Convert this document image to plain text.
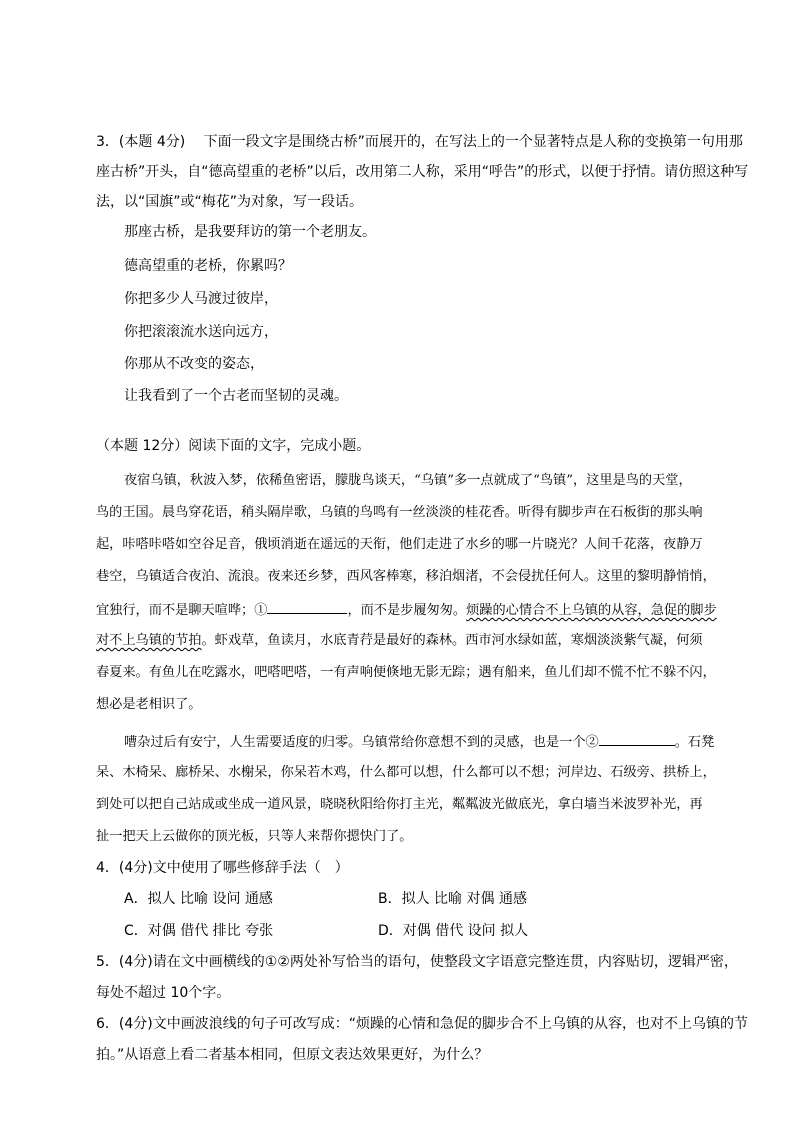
3．(本题 4分)　 下面一段文字是围绕古桥”而展开的，在写法上的一个显著特点是人称的变换第一句用那
座古桥”开头，自“德高望重的老桥”以后，改用第二人称，采用“呼告”的形式，以便于抒情。请仿照这种写
法，以“国旗”或“梅花”为对象，写一段话。
那座古桥，是我要拜访的第一个老朋友。
德高望重的老桥，你累吗？
你把多少人马渡过彼岸，
你把滚滚流水送向远方，
你那从不改变的姿态，
让我看到了一个古老而坚韧的灵魂。
（本题 12分）阅读下面的文字，完成小题。
夜宿乌镇，秋波入梦，依稀鱼密语，朦胧鸟谈天，“乌镇”多一点就成了“鸟镇”，这里是鸟的天堂，
鸟的王国。晨鸟穿花语，稍头隔岸歌，乌镇的鸟鸣有一丝淡淡的桂花香。听得有脚步声在石板街的那头响
起，咔嗒咔嗒如空谷足音，俄顷消逝在遥远的天衔，他们走进了水乡的哪一片晓光？人间千花落，夜静万
巷空，乌镇适合夜泊、流浪。夜来还乡梦，西风客棒寒，移泊烟渚，不会侵扰任何人。这里的黎明静悄悄，
宜独行，而不是聊天喧哗；①	，而不是步履匆匆。烦躁的心情合不上乌镇的从容，急促的脚步
对不上乌镇的节拍。虾戏草，鱼读月，水底青荇是最好的森林。西市河水绿如蓝，寒烟淡淡紫气凝，何须
春夏来。有鱼儿在吃露水，吧嗒吧嗒，一有声响便倏地无影无踪；遇有船来，鱼儿们却不慌不忙不躲不闪，
想必是老相识了。
嘈杂过后有安宁，人生需要适度的归零。乌镇常给你意想不到的灵感，也是一个②	。石凳
呆、木椅呆、廊桥呆、水榭呆，你呆若木鸡，什么都可以想，什么都可以不想；河岸边、石级旁、拱桥上，
到处可以把自己站成或坐成一道风景，晓晓秋阳给你打主光，粼粼波光做底光，拿白墙当米波罗补光，再
扯一把天上云做你的顶光板，只等人来帮你摁快门了。
4．(4分)文中使用了哪些修辞手法（　）
A．拟人 比喻 设问 通感	B．拟人 比喻 对偶 通感
C．对偶 借代 排比 夸张	D．对偶 借代 设问 拟人
5．(4分)请在文中画横线的①②两处补写恰当的语句，使整段文字语意完整连贯，内容贴切，逻辑严密，
每处不超过 10个字。
6．(4分)文中画波浪线的句子可改写成：“烦躁的心情和急促的脚步合不上乌镇的从容，也对不上乌镇的节
拍。”从语意上看二者基本相同，但原文表达效果更好，为什么？
